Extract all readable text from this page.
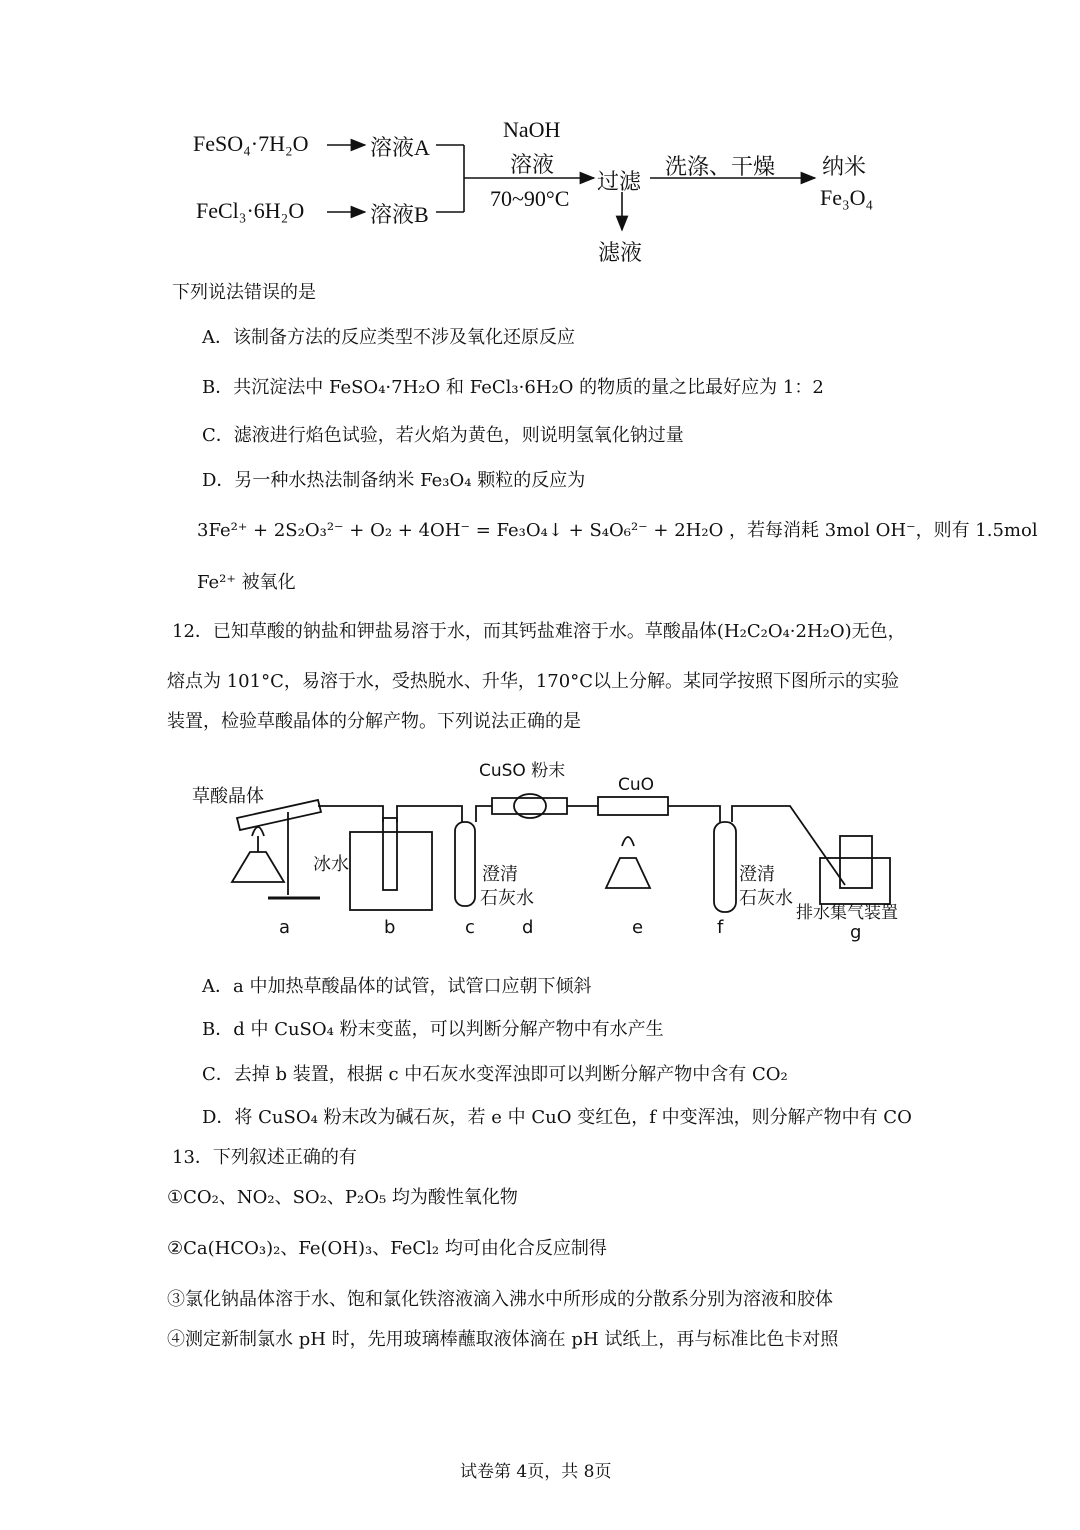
FeSO₄·7H₂O	溶液A
FeCl₃·6H₂O	溶液B
NaOH
溶液
70~90°C
过滤
洗涤、干燥
滤液
纳米
Fe₃O₄
下列说法错误的是
A．该制备方法的反应类型不涉及氧化还原反应
B．共沉淀法中 FeSO₄·7H₂O 和 FeCl₃·6H₂O 的物质的量之比最好应为 1：2
C．滤液进行焰色试验，若火焰为黄色，则说明氢氧化钠过量
D．另一种水热法制备纳米 Fe₃O₄ 颗粒的反应为
3Fe²⁺ + 2S₂O₃²⁻ + O₂ + 4OH⁻ = Fe₃O₄↓ + S₄O₆²⁻ + 2H₂O ，若每消耗 3mol OH⁻，则有 1.5mol
Fe²⁺ 被氧化
12．已知草酸的钠盐和钾盐易溶于水，而其钙盐难溶于水。草酸晶体(H₂C₂O₄·2H₂O)无色，
熔点为 101°C，易溶于水，受热脱水、升华，170°C以上分解。某同学按照下图所示的实验
装置，检验草酸晶体的分解产物。下列说法正确的是
草酸晶体
CuSO 粉末
CuO
冰水	澄清
石灰水
澄清
石灰水
排水集气装置
a	b	c	d	e	f	g
A．a 中加热草酸晶体的试管，试管口应朝下倾斜
B．d 中 CuSO₄ 粉末变蓝，可以判断分解产物中有水产生
C．去掉 b 装置，根据 c 中石灰水变浑浊即可以判断分解产物中含有 CO₂
D．将 CuSO₄ 粉末改为碱石灰，若 e 中 CuO 变红色，f 中变浑浊，则分解产物中有 CO
13．下列叙述正确的有
①CO₂、NO₂、SO₂、P₂O₅ 均为酸性氧化物
②Ca(HCO₃)₂、Fe(OH)₃、FeCl₂ 均可由化合反应制得
③氯化钠晶体溶于水、饱和氯化铁溶液滴入沸水中所形成的分散系分别为溶液和胶体
④测定新制氯水 pH 时，先用玻璃棒蘸取液体滴在 pH 试纸上，再与标准比色卡对照
试卷第 4页，共 8页
